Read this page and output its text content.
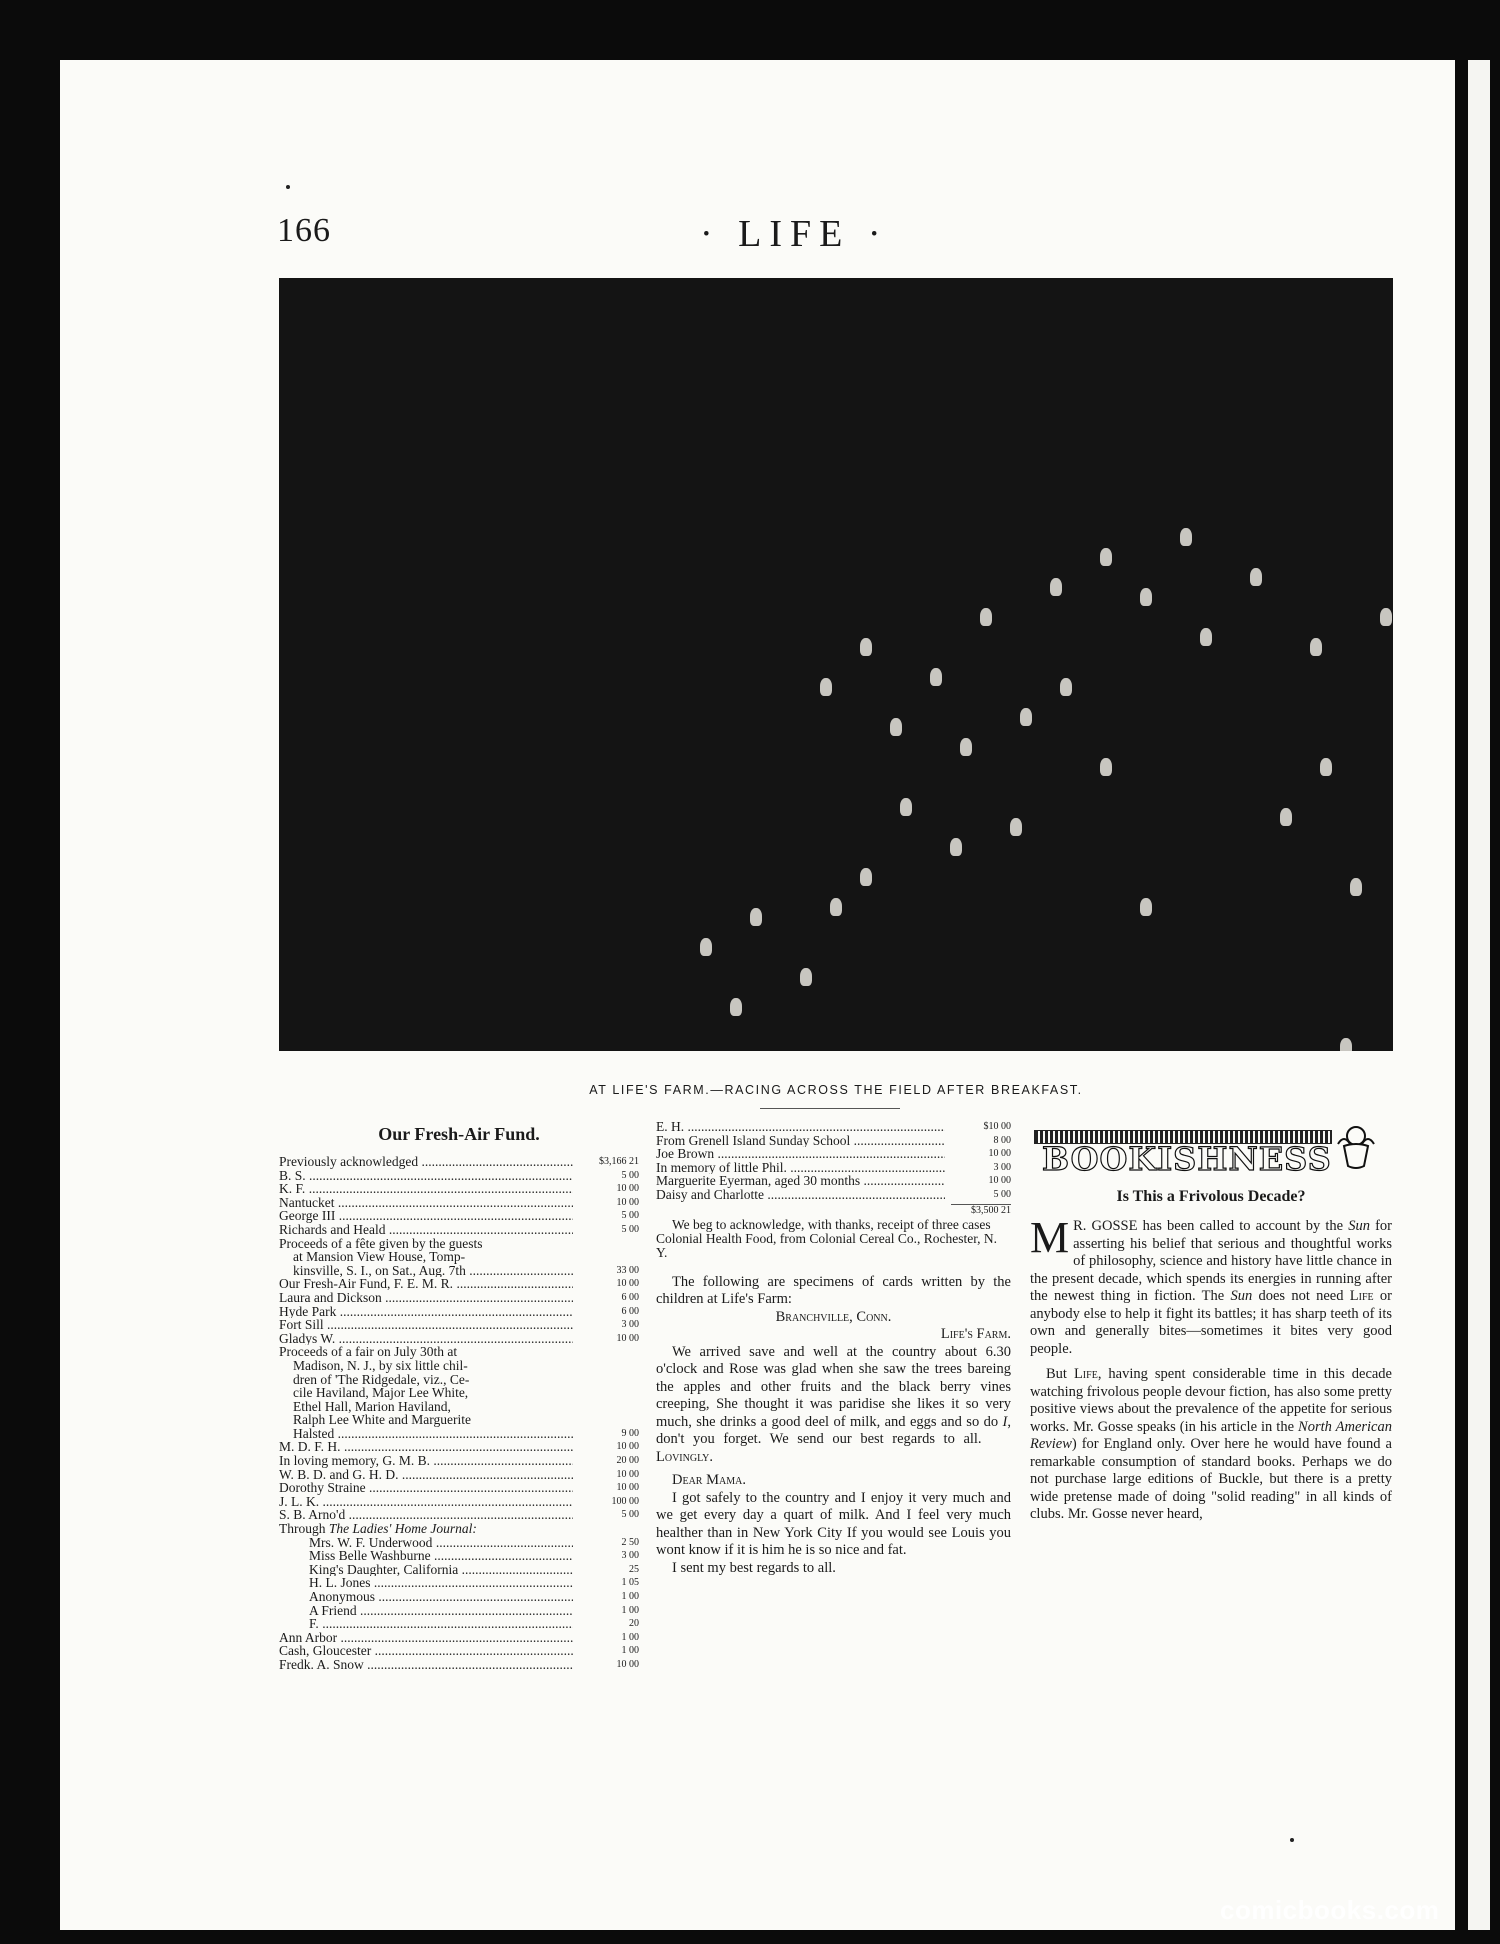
166	· LIFE ·
AT LIFE'S FARM.—RACING ACROSS THE FIELD AFTER BREAKFAST.
Our Fresh-Air Fund.
Previously acknowledged .....	$3,166 21
B. S. .....	5 00
K. F. .....	10 00
Nantucket .....	10 00
George III .....	5 00
Richards and Heald .....	5 00
Proceeds of a fête given by the guests
at Mansion View House, Tomp-
kinsville, S. I., on Sat., Aug. 7th .....	33 00
Our Fresh-Air Fund, F. E. M. R. .....	10 00
Laura and Dickson .....	6 00
Hyde Park .....	6 00
Fort Sill .....	3 00
Gladys W. .....	10 00
Proceeds of a fair on July 30th at
Madison, N. J., by six little chil-
dren of 'The Ridgedale, viz., Ce-
cile Haviland, Major Lee White,
Ethel Hall, Marion Haviland,
Ralph Lee White and Marguerite
Halsted .....	9 00
M. D. F. H. .....	10 00
In loving memory, G. M. B. .....	20 00
W. B. D. and G. H. D. .....	10 00
Dorothy Straine .....	10 00
J. L. K. .....	100 00
S. B. Arno'd .....	5 00
Through The Ladies' Home Journal:
Mrs. W. F. Underwood .....	2 50
Miss Belle Washburne .....	3 00
King's Daughter, California .....	25
H. L. Jones .....	1 05
Anonymous .....	1 00
A Friend .....	1 00
F. .....	20
Ann Arbor .....	1 00
Cash, Gloucester .....	1 00
Fredk. A. Snow .....	10 00
E. H. .....	$10 00
From Grenell Island Sunday School .....	8 00
Joe Brown .....	10 00
In memory of little Phil. .....	3 00
Marguerite Eyerman, aged 30 months .....	10 00
Daisy and Charlotte .....	5 00
$3,500 21
We beg to acknowledge, with thanks, receipt of three cases Colonial Health Food, from Colonial Cereal Co., Rochester, N. Y.

The following are specimens of cards written by the children at Life's Farm:

Branchville, Conn.

Life's Farm.

We arrived save and well at the country about 6.30 o'clock and Rose was glad when she saw the trees bareing the apples and other fruits and the black berry vines creeping, She thought it was paridise she likes it so very much, she drinks a good deel of milk, and eggs and so do I, don't you forget. We send our best regards to all.     Lovingly.

Dear Mama.

I got safely to the country and I enjoy it very much and we get every day a quart of milk. And I feel very much healther than in New York City If you would see Louis you wont know if it is him he is so nice and fat.

I sent my best regards to all.

BOOKISHNESS
Is This a Frivolous Decade?

M R. GOSSE has been called to account by the Sun for asserting his belief that serious and thoughtful works of philosophy, science and history have little chance in the present decade, which spends its energies in running after the newest thing in fiction. The Sun does not need Life or anybody else to help it fight its battles; it has sharp teeth of its own and generally bites—sometimes it bites very good people.

But Life, having spent considerable time in this decade watching frivolous people devour fiction, has also some pretty positive views about the prevalence of the appetite for serious works. Mr. Gosse speaks (in his article in the North American Review) for England only. Over here he would have found a remarkable consumption of standard books. Perhaps we do not purchase large editions of Buckle, but there is a pretty wide pretense made of doing "solid reading" in all kinds of clubs. Mr. Gosse never heard,

comicbooks.com
